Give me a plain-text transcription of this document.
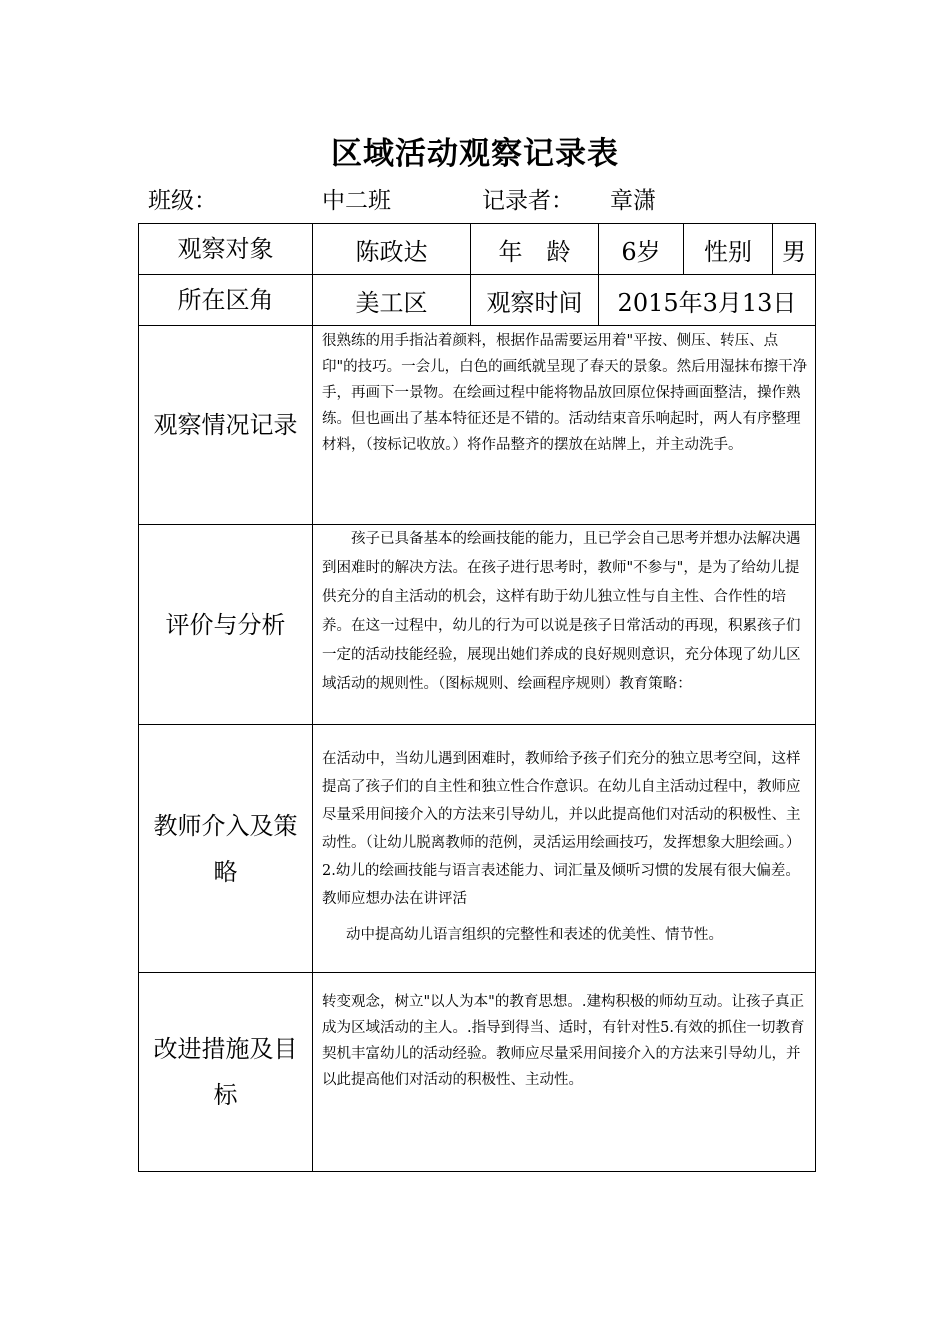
区域活动观察记录表
班级：	中二班	记录者： 章潇
观察对象	陈政达	年　龄	6岁	性别	男
所在区角	美工区	观察时间	2015年3月13日		
观察情况记录	很熟练的用手指沾着颜料，根据作品需要运用着"平按、侧压、转压、点印"的技巧。一会儿，白色的画纸就呈现了春天的景象。然后用湿抹布擦干净手，再画下一景物。在绘画过程中能将物品放回原位保持画面整洁，操作熟练。但也画出了基本特征还是不错的。活动结束音乐响起时，两人有序整理材料，（按标记收放。）将作品整齐的摆放在站牌上，并主动洗手。				
评价与分析	孩子已具备基本的绘画技能的能力，且已学会自己思考并想办法解决遇到困难时的解决方法。在孩子进行思考时，教师"不参与"，是为了给幼儿提供充分的自主活动的机会，这样有助于幼儿独立性与自主性、合作性的培养。在这一过程中，幼儿的行为可以说是孩子日常活动的再现，积累孩子们一定的活动技能经验，展现出她们养成的良好规则意识，充分体现了幼儿区域活动的规则性。（图标规则、绘画程序规则）教育策略：				
教师介入及策略	在活动中，当幼儿遇到困难时，教师给予孩子们充分的独立思考空间，这样提高了孩子们的自主性和独立性合作意识。在幼儿自主活动过程中，教师应尽量采用间接介入的方法来引导幼儿，并以此提高他们对活动的积极性、主动性。（让幼儿脱离教师的范例，灵活运用绘画技巧，发挥想象大胆绘画。）2.幼儿的绘画技能与语言表述能力、词汇量及倾听习惯的发展有很大偏差。教师应想办法在讲评活

动中提高幼儿语言组织的完整性和表述的优美性、情节性。				

改进措施及目标	转变观念，树立"以人为本"的教育思想。.建构积极的师幼互动。让孩子真正成为区域活动的主人。.指导到得当、适时，有针对性5.有效的抓住一切教育契机丰富幼儿的活动经验。教师应尽量采用间接介入的方法来引导幼儿，并以此提高他们对活动的积极性、主动性。				
